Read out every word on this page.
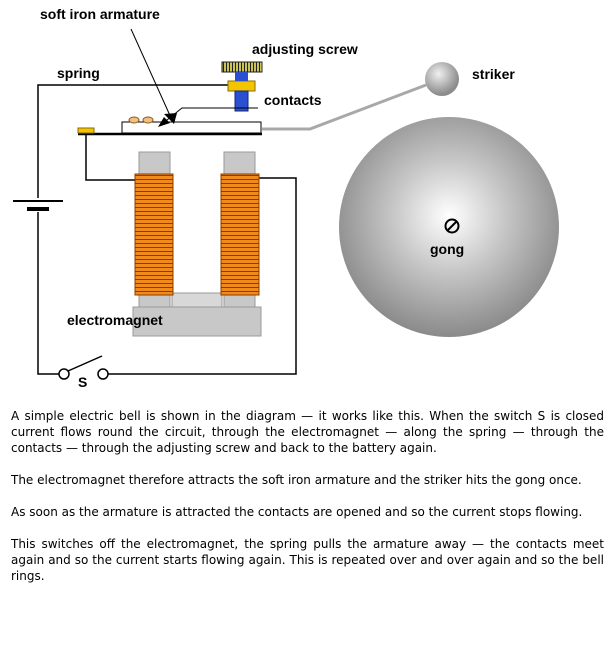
soft iron armature
adjusting screw
spring
contacts
striker
gong
electromagnet
S

A simple electric bell is shown in the diagram — it works like this. When the switch S is closed current flows round the circuit, through the electromagnet — along the spring — through the contacts — through the adjusting screw and back to the battery again.

The electromagnet therefore attracts the soft iron armature and the striker hits the gong once.

As soon as the armature is attracted the contacts are opened and so the current stops flowing.

This switches off the electromagnet, the spring pulls the armature away — the contacts meet again and so the current starts flowing again. This is repeated over and over again and so the bell rings.
